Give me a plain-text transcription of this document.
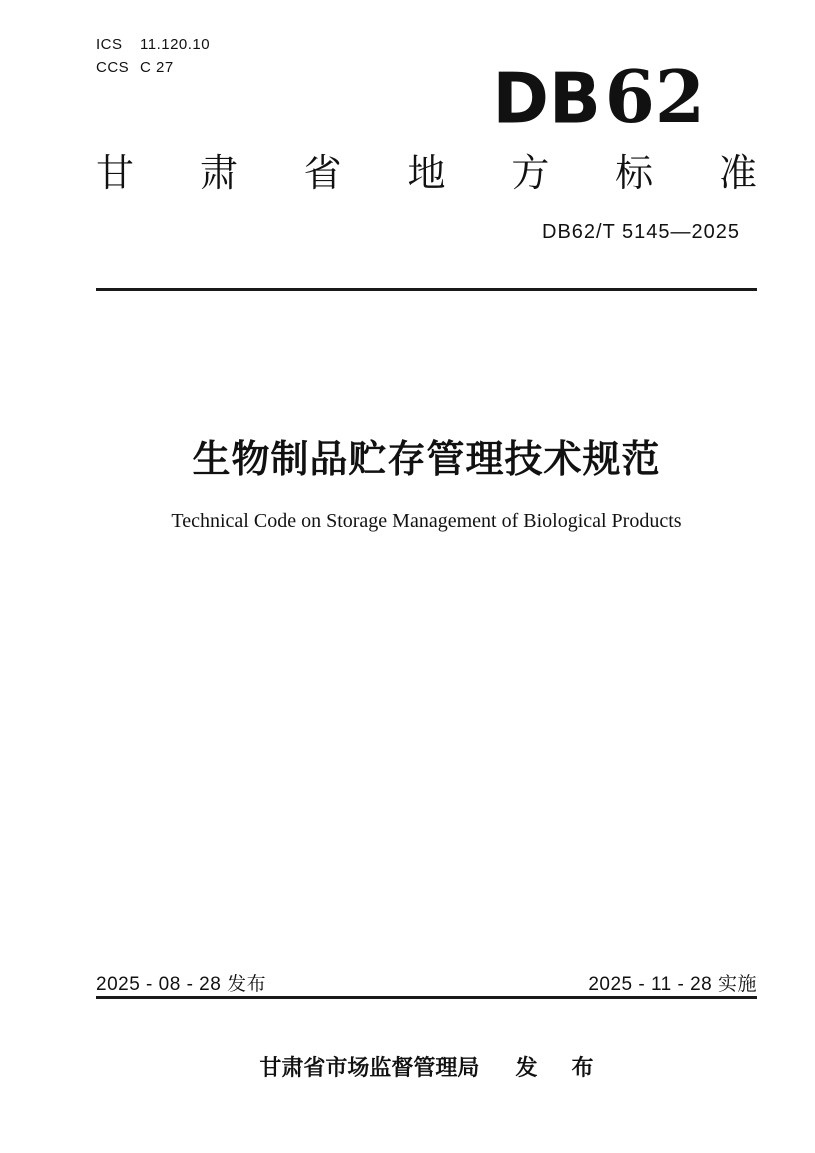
ICS 11.120.10
CCS C 27	DB62
甘 肃 省 地 方 标 准
DB62/T 5145—2025
生物制品贮存管理技术规范
Technical Code on Storage Management of Biological Products
2025 - 08 - 28 发布	2025 - 11 - 28 实施
甘肃省市场监督管理局 发 布
